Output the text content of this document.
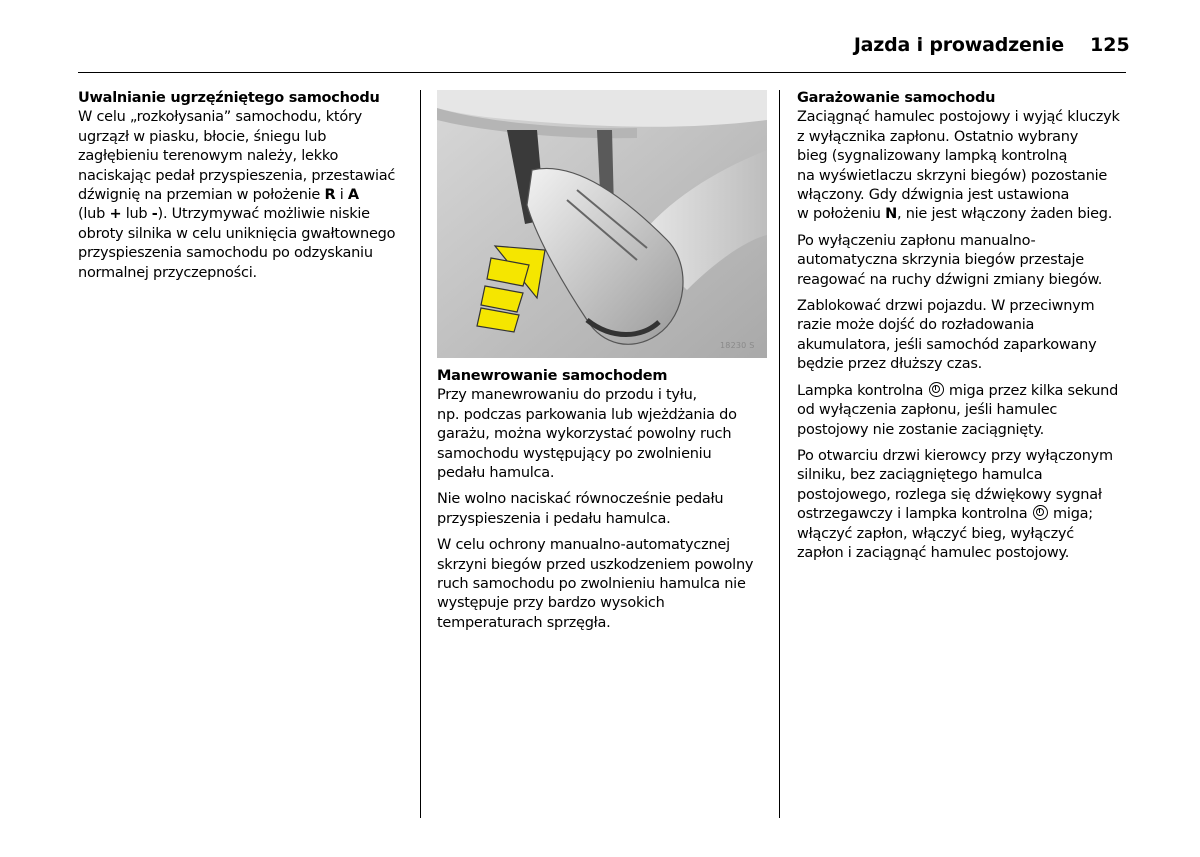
Jazda i prowadzenie 125
Uwalnianie ugrzęźniętego samochodu
W celu „rozkołysania” samochodu, który
ugrzązł w piasku, błocie, śniegu lub
zagłębieniu terenowym należy, lekko
naciskając pedał przyspieszenia, przestawiać
dźwignię na przemian w położenie R i A
(lub + lub -). Utrzymywać możliwie niskie
obroty silnika w celu uniknięcia gwałtownego
przyspieszenia samochodu po odzyskaniu
normalnej przyczepności.
18230 S
Manewrowanie samochodem

Przy manewrowaniu do przodu i tyłu,
np. podczas parkowania lub wjeżdżania do
garażu, można wykorzystać powolny ruch
samochodu występujący po zwolnieniu
pedału hamulca.

Nie wolno naciskać równocześnie pedału
przyspieszenia i pedału hamulca.

W celu ochrony manualno-automatycznej
skrzyni biegów przed uszkodzeniem powolny
ruch samochodu po zwolnieniu hamulca nie
występuje przy bardzo wysokich
temperaturach sprzęgła.

Garażowanie samochodu

Zaciągnąć hamulec postojowy i wyjąć kluczyk
z wyłącznika zapłonu. Ostatnio wybrany
bieg (sygnalizowany lampką kontrolną
na wyświetlaczu skrzyni biegów) pozostanie
włączony. Gdy dźwignia jest ustawiona
w położeniu N, nie jest włączony żaden bieg.

Po wyłączeniu zapłonu manualno-
automatyczna skrzynia biegów przestaje
reagować na ruchy dźwigni zmiany biegów.

Zablokować drzwi pojazdu. W przeciwnym
razie może dojść do rozładowania
akumulatora, jeśli samochód zaparkowany
będzie przez dłuższy czas.

Lampka kontrolna  miga przez kilka sekund
od wyłączenia zapłonu, jeśli hamulec
postojowy nie zostanie zaciągnięty.

Po otwarciu drzwi kierowcy przy wyłączonym
silniku, bez zaciągniętego hamulca
postojowego, rozlega się dźwiękowy sygnał
ostrzegawczy i lampka kontrolna  miga;
włączyć zapłon, włączyć bieg, wyłączyć
zapłon i zaciągnąć hamulec postojowy.
